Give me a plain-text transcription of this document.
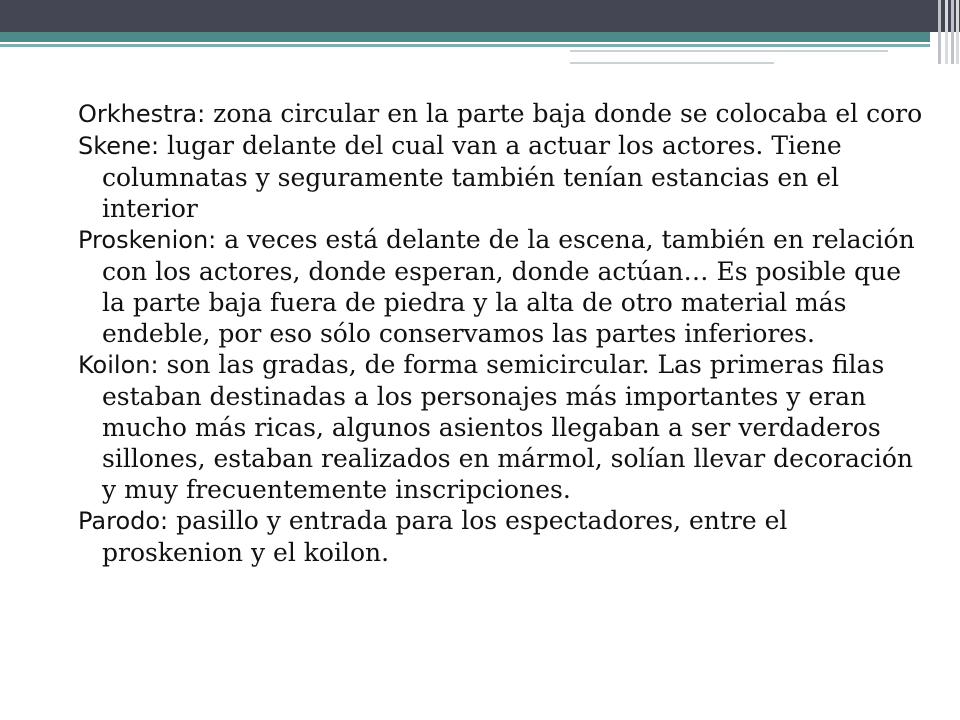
Orkhestra: zona circular en la parte baja donde se colocaba el coro

Skene: lugar delante del cual van a actuar los actores. Tiene columnatas y seguramente también tenían estancias en el interior

Proskenion: a veces está delante de la escena, también en relación con los actores, donde esperan, donde actúan… Es posible que la parte baja fuera de piedra y la alta de otro material más endeble, por eso sólo conservamos las partes inferiores.

Koilon: son las gradas, de forma semicircular. Las primeras filas estaban destinadas a los personajes más importantes y eran mucho más ricas, algunos asientos llegaban a ser verdaderos sillones, estaban realizados en mármol, solían llevar decoración y muy frecuentemente inscripciones.

Parodo: pasillo y entrada para los espectadores, entre el proskenion y el koilon.
